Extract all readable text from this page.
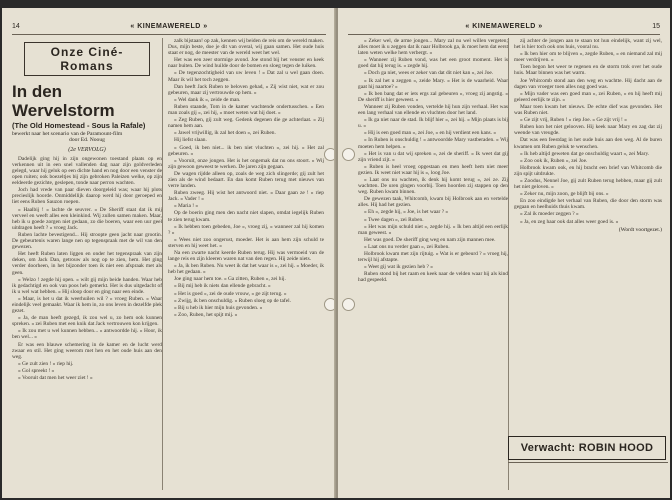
14	« KINEMAWERELD »
Onze Ciné-Romans
In den Wervelstorm
(The Old Homestead - Sous la Rafale)
bewerkt naar het scenario van de Paramount-film
door Ed. Nooug
(2e VERVOLG)

Dadelijk ging hij in zijn ongewonen toestand plaats op en verkennen uit in een snel vallenden dag naar zijn goldverleden gelegd, waar hij geluk op een dichte hand en nog door een venster de open ruiten; ook boezeltjes bij zijn gebroken Paleizen welke, op zijn eeldeerde gezichte, geslepen, tonde naar perron wachten.

Joch had vrede van paar dieven doorgeleid was; waar hij plots precieslijk hoorde. Onmiddellijk daarop werd hij door geroeped en liet eens Ruben Sauzon roepen.

« Haalbij ! » lachte de seuvrer. « De Sheriff staat dat ik mij verveel en weeft alles een kleinkind. Wij zullen samen maken. Maar, heb ik u goede zorgen niet gedaan, zo die boeren, waar een uur geel uitdragen heeft ? » vroeg Jack.

Ruben lachte bevestigend... Hij stroopte geen jacht naar grootin. De gebeurtenis waren lange nen op tegenspraak met de wil van den gewezen.

Het heeft Ruben laten liggen en onder het tegenspraak van zijn deken, om Jack Dan, getrouw als nog op te zien, hem. Het ging verder doorheen, in het bijzonder toen ik niet een afspraak met als geen.

« Welzo ! zegde hij open. « wilt gij mijn beide handen. Waar heb ik gedachtigd en ook van poos heb gemerkt. Het is dus uitgedacht of ik u wel wat hebben. » Hij sloop door en ging naar een einde.

« Maar, is het u dat ik weerhuilen wil ? » vroeg Ruben. « Waar eindelijk veel gemaakt. Waar ik hem in, zo ons leven in dezelfde plek gezet.

« Ja, de man heeft gezegd, ik zou wel u, zo hem ook kunnen spreken. » zei Ruben met een knik dat Jack vertrouwen kon krijgen.

« Ik zou met u wel kunnen hebben... » antwoordde hij. « Hoor, ik ben wel... »

Er was een blauwe schemering in de kamer en de lucht werd zwaar en stil. Het ging weerom met hen en het oude huis aan den weg.

« Ge zult zien ! » riep hij.

« Gol spreekt ! »

« Vooruit dat men het weer ziet ! »

zalk bijstaan! op zak, kennen wij beiden de reis om de wereld maken. Dus, mijn beste, doe je dit van overal, wij gaan samen. Het oude huis staat er nog, de meester van de wereld weet het wel.

Het was een zeer stormige avond. Joe stond bij het venster en keek naar buiten. De wind huilde door de bomen en sloeg tegen de luiken.

« De tegenzochtigheid van uw leven ! » Dat zal u wel gaan doen. Maar ik wil het toch zeggen.

Dan heeft Jack Ruben te beloven gehad, « Zij wist niet, wat er zou gebeuren, maar zij vertrouwde op hem. »

« Wel dank ik », zeide de man.

Ruben staande, Tom in de kamer wachtende ondertusschen. « Een man zoals gij », zei hij, « moet weten wat hij doet. »

« Zeg Ruben, gij zult weg. Gedenk degenen die ge achterlaat. » Zij namen hem aan.

« Jawel vrijwillig, ik zal het doen », zei Ruben.

Hij liefst slaan.

« Goed, ik ben niet... ik ben niet vluchten », zei hij. « Het zal gebeuren. »

« Vooruit, onze jongen. Het is het ongemak dat nu ons stoort. » Wij zijn gewoon geweest te werken. De jaren zijn gegaan.

De wagen rijdde alleen op, zoals de weg zich slingerde; gij zult het zien als de wind bedaart. En dan komt Ruben terug met nieuws van verre landen.

Ruben zweeg. Hij wist het antwoord niet. « Daar gaan ze ! » riep Jack. « Vader ! »

« Maria ! »

Op de boerin ging men den nacht niet slapen, omdat iegelijk Ruben te zien terug kwam.

« Ik hebben toen gebeden, Joe », vroeg zij, « wanneer zal hij komen ? »

« Wees niet zoo ongerust, moeder. Het is aan hem zijn schuld te sterven en hij weet het. »

Na een zwarte nacht keerde Ruben terug. Hij was vermoeid van de lange reis en zijn kleeren waren nat van den regen. Hij zeide niets.

« Ja, ik ben Ruben. Nu weet ik dat het waar is », zei hij. « Moeder, ik heb het gedaan. »

Joe ging naar hem toe. « Ga zitten, Ruben », zei hij.

« Bij mij heb ik niets dan ellende gebracht. »

« Het is goed », zei de oude vrouw, « ge zijt terug. »

« Zwijg, ik ben onschuldig. » Ruben sloeg op de tafel.

« Bij u heb ik hier mijn huis gevonden. »

« Zoo, Ruben, het spijt mij. »

« KINEMAWERELD »	15

« Zeker wel, de arme jongen... Mary zal nu wel willen vergeten; alles moet ik u zeggen dat ik naar Holbrook ga, ik moet hem dat eerst laten weten welke hem verbergt. »

« Wanneer zij Ruben vond, was het een groot moment. Het is goed dat hij terug is. » zegde hij.

« Doch ga niet, wees er zeker van dat dit niet kan », zei Joe.

« Ik zal het u zeggen », zeide Mary. « Het is de waarheid. Waar gaat hij naartoe? »

« Ik ben bang dat er iets ergs zal gebeuren », vroeg zij angstig. « De sheriff is hier geweest. »

Wanneer zij Ruben vonden, vertelde hij hun zijn verhaal. Het was een lang verhaal van ellende en vluchten door het land.

« Ik ga niet naar de stad. Ik blijf hier », zei hij. « Mijn plaats is bij u. »

« Hij is een goed man », zei Joe, « en hij verdient een kans. »

« In Ruben is onschuldig ! » antwoordde Mary vastberaden. « Wij moeten hem helpen. »

« Het is van u dat wij spreken », zei de sheriff. « Ik weet dat gij zijn vriend zijt. »

« Ruben is heel vroeg opgestaan en men heeft hem niet meer gezien. Ik weet niet waar hij is », loog Joe.

« Laat ons nu wachten, ik denk hij komt terug », zei ze. Zij wachtten. De uren gingen voorbij. Toen hoorden zij stappen op den weg. Ruben kwam binnen.

De gewezen taak, Whitcomb, kwam bij Holbrook aan en vertelde alles. Hij had het gezien.

« Eh », zegde hij, « Joe, is het waar ? »

« Twee dagen », zei Ruben.

« Het was mijn schuld niet », zegde hij. « Ik ben altijd een eerlijk man geweest. »

Het was goed. De sheriff ging weg en nam zijn mannen mee.

« Laat ons nu verder gaan », zei Ruben.

Holbrook kwam met zijn rijtuig. « Wat is er gebeurd ? » vroeg hij, terwijl hij afstapte.

« Weet gij wat ik gezien heb ? »

Ruben stond bij het raam en keek naar de velden waar hij als kind had gespeeld.

zij achter de jongen aan te staan tot hun eindelijk, want zij wel, het is hier toch ook ons huis, vooral nu.

« Ik ben hier om te blijven », zegde Ruben, « en niemand zal mij meer verdrijven. »

Toen begon het weer te regenen en de storm trok over het oude huis. Maar binnen was het warm.

Joe Whitcomb stond aan den weg en wachtte. Hij dacht aan de dagen van vroeger toen alles nog goed was.

« Mijn vader was een goed man », zei Ruben, « en hij heeft mij geleerd eerlijk te zijn. »

Maar toen kwam het nieuws. De echte dief was gevonden. Het was Ruben niet.

« Ge zijt vrij, Ruben ! » riep Joe. « Ge zijt vrij ! »

Ruben kon het niet gelooven. Hij keek naar Mary en zag dat zij weende van vreugde.

Dat was een feestdag in het oude huis aan den weg. Al de buren kwamen om Ruben geluk te wenschen.

« Ik heb altijd geweten dat ge onschuldig waart », zei Mary.

« Zoo ook ik, Ruben », zei Joe.

Holbrook kwam ook, en hij bracht een brief van Whitcomb die zijn spijt uitdrukte.

« Zoodus, Nennel Joe, gij zult Ruben terug hebben, maar gij zult het niet geloven. »

« Zeker nu, mijn zoon, ge blijft bij ons. »

En zoo eindigde het verhaal van Ruben, die door den storm was gegaan en heelhuids thuis kwam.

« Zal ik moeder zeggen ? »

« Ja, en zeg haar ook dat alles weer goed is. »

(Wordt voortgezet.)
Verwacht: ROBIN HOOD
